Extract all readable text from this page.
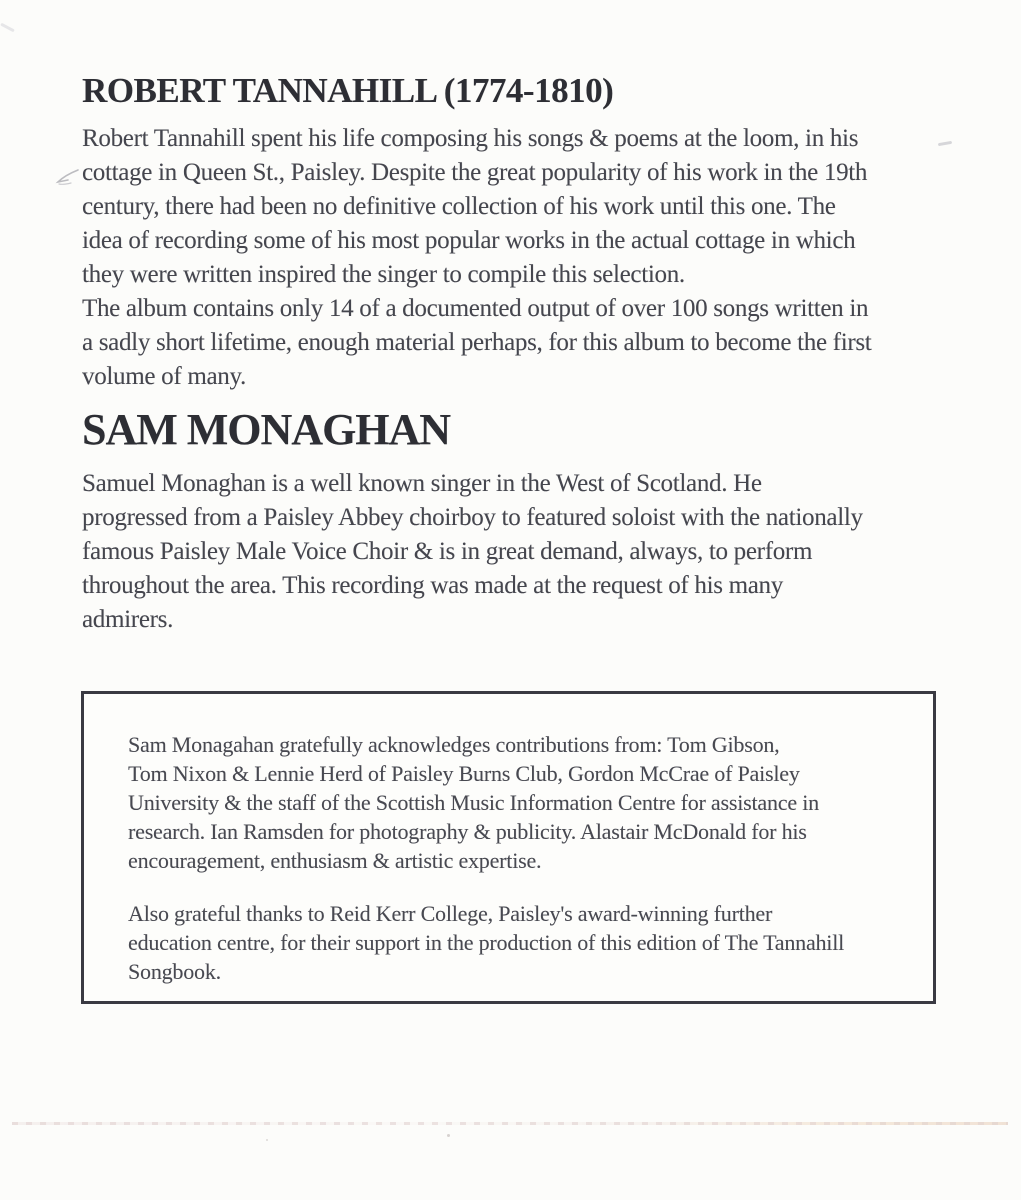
ROBERT TANNAHILL (1774-1810)
Robert Tannahill spent his life composing his songs & poems at the loom, in his
cottage in Queen St., Paisley. Despite the great popularity of his work in the 19th
century, there had been no definitive collection of his work until this one. The
idea of recording some of his most popular works in the actual cottage in which
they were written inspired the singer to compile this selection.
The album contains only 14 of a documented output of over 100 songs written in
a sadly short lifetime, enough material perhaps, for this album to become the first
volume of many.
SAM MONAGHAN
Samuel Monaghan is a well known singer in the West of Scotland. He
progressed from a Paisley Abbey choirboy to featured soloist with the nationally
famous Paisley Male Voice Choir & is in great demand, always, to perform
throughout the area. This recording was made at the request of his many
admirers.
Sam Monagahan gratefully acknowledges contributions from: Tom Gibson,
Tom Nixon & Lennie Herd of Paisley Burns Club, Gordon McCrae of Paisley
University & the staff of the Scottish Music Information Centre for assistance in
research. Ian Ramsden for photography & publicity. Alastair McDonald for his
encouragement, enthusiasm & artistic expertise.
Also grateful thanks to Reid Kerr College, Paisley's award-winning further
education centre, for their support in the production of this edition of The Tannahill
Songbook.
